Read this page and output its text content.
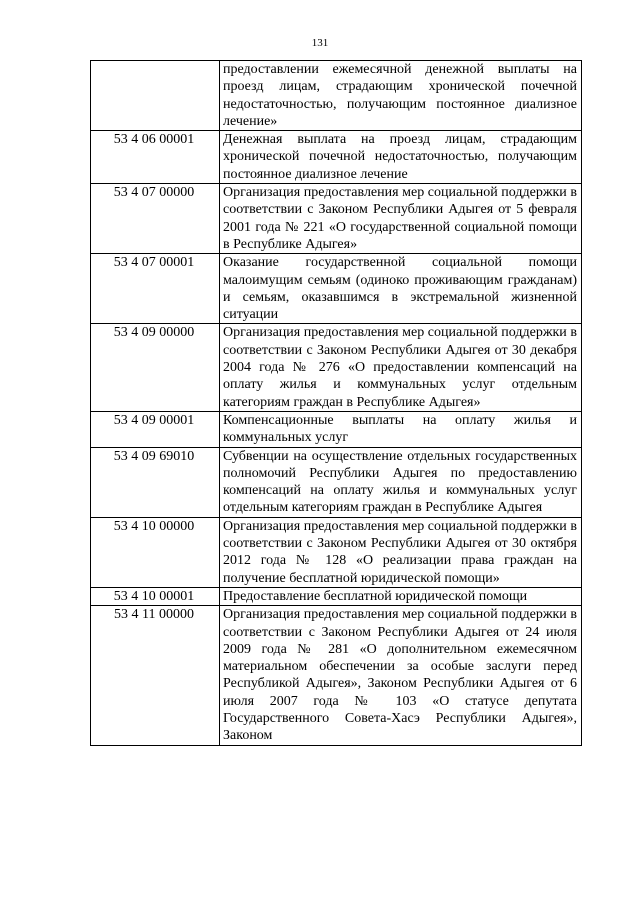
131
	предоставлении ежемесячной денежной выплаты на проезд лицам, страдающим хронической почечной недостаточностью, получающим постоянное диализное лечение»
53 4 06 00001	Денежная выплата на проезд лицам, страдающим хронической почечной недостаточностью, получающим постоянное диализное лечение
53 4 07 00000	Организация предоставления мер социальной поддержки в соответствии с Законом Республики Адыгея от 5 февраля 2001 года № 221 «О государственной социальной помощи в Республике Адыгея»
53 4 07 00001	Оказание государственной социальной помощи малоимущим семьям (одиноко проживающим гражданам) и семьям, оказавшимся в экстремальной жизненной ситуации
53 4 09 00000	Организация предоставления мер социальной поддержки в соответствии с Законом Республики Адыгея от 30 декабря 2004 года № 276 «О предоставлении компенсаций на оплату жилья и коммунальных услуг отдельным категориям граждан в Республике Адыгея»
53 4 09 00001	Компенсационные выплаты на оплату жилья и коммунальных услуг
53 4 09 69010	Субвенции на осуществление отдельных государственных полномочий Республики Адыгея по предоставлению компенсаций на оплату жилья и коммунальных услуг отдельным категориям граждан в Республике Адыгея
53 4 10 00000	Организация предоставления мер социальной поддержки в соответствии с Законом Республики Адыгея от 30 октября 2012 года № 128 «О реализации права граждан на получение бесплатной юридической помощи»
53 4 10 00001	Предоставление бесплатной юридической помощи
53 4 11 00000	Организация предоставления мер социальной поддержки в соответствии с Законом Республики Адыгея от 24 июля 2009 года № 281 «О дополнительном ежемесячном материальном обеспечении за особые заслуги перед Республикой Адыгея», Законом Республики Адыгея от 6 июля 2007 года № 103 «О статусе депутата Государственного Совета-Хасэ Республики Адыгея», Законом
